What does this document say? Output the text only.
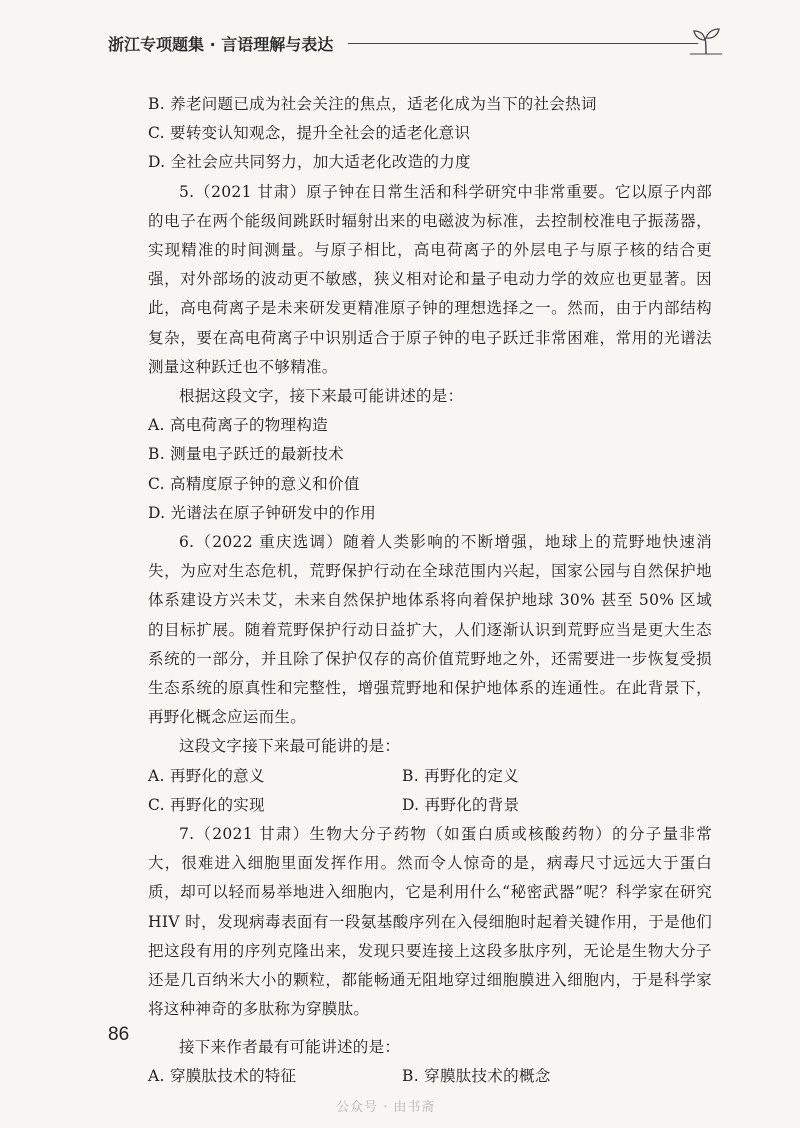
浙江专项题集 · 言语理解与表达

B. 养老问题已成为社会关注的焦点，适老化成为当下的社会热词

C. 要转变认知观念，提升全社会的适老化意识

D. 全社会应共同努力，加大适老化改造的力度

5.（2021 甘肃）原子钟在日常生活和科学研究中非常重要。它以原子内部的电子在两个能级间跳跃时辐射出来的电磁波为标准，去控制校准电子振荡器，实现精准的时间测量。与原子相比，高电荷离子的外层电子与原子核的结合更强，对外部场的波动更不敏感，狭义相对论和量子电动力学的效应也更显著。因此，高电荷离子是未来研发更精准原子钟的理想选择之一。然而，由于内部结构复杂，要在高电荷离子中识别适合于原子钟的电子跃迁非常困难，常用的光谱法测量这种跃迁也不够精准。

根据这段文字，接下来最可能讲述的是：

A. 高电荷离子的物理构造

B. 测量电子跃迁的最新技术

C. 高精度原子钟的意义和价值

D. 光谱法在原子钟研发中的作用

6.（2022 重庆选调）随着人类影响的不断增强，地球上的荒野地快速消失，为应对生态危机，荒野保护行动在全球范围内兴起，国家公园与自然保护地体系建设方兴未艾，未来自然保护地体系将向着保护地球 30% 甚至 50% 区域的目标扩展。随着荒野保护行动日益扩大，人们逐渐认识到荒野应当是更大生态系统的一部分，并且除了保护仅存的高价值荒野地之外，还需要进一步恢复受损生态系统的原真性和完整性，增强荒野地和保护地体系的连通性。在此背景下，再野化概念应运而生。

这段文字接下来最可能讲的是：

A. 再野化的意义	B. 再野化的定义

C. 再野化的实现	D. 再野化的背景

7.（2021 甘肃）生物大分子药物（如蛋白质或核酸药物）的分子量非常大，很难进入细胞里面发挥作用。然而令人惊奇的是，病毒尺寸远远大于蛋白质，却可以轻而易举地进入细胞内，它是利用什么“秘密武器”呢？科学家在研究 HIV 时，发现病毒表面有一段氨基酸序列在入侵细胞时起着关键作用，于是他们把这段有用的序列克隆出来，发现只要连接上这段多肽序列，无论是生物大分子还是几百纳米大小的颗粒，都能畅通无阻地穿过细胞膜进入细胞内，于是科学家将这种神奇的多肽称为穿膜肽。

接下来作者最有可能讲述的是：

A. 穿膜肽技术的特征	B. 穿膜肽技术的概念

86
公众号 · 由书斋
